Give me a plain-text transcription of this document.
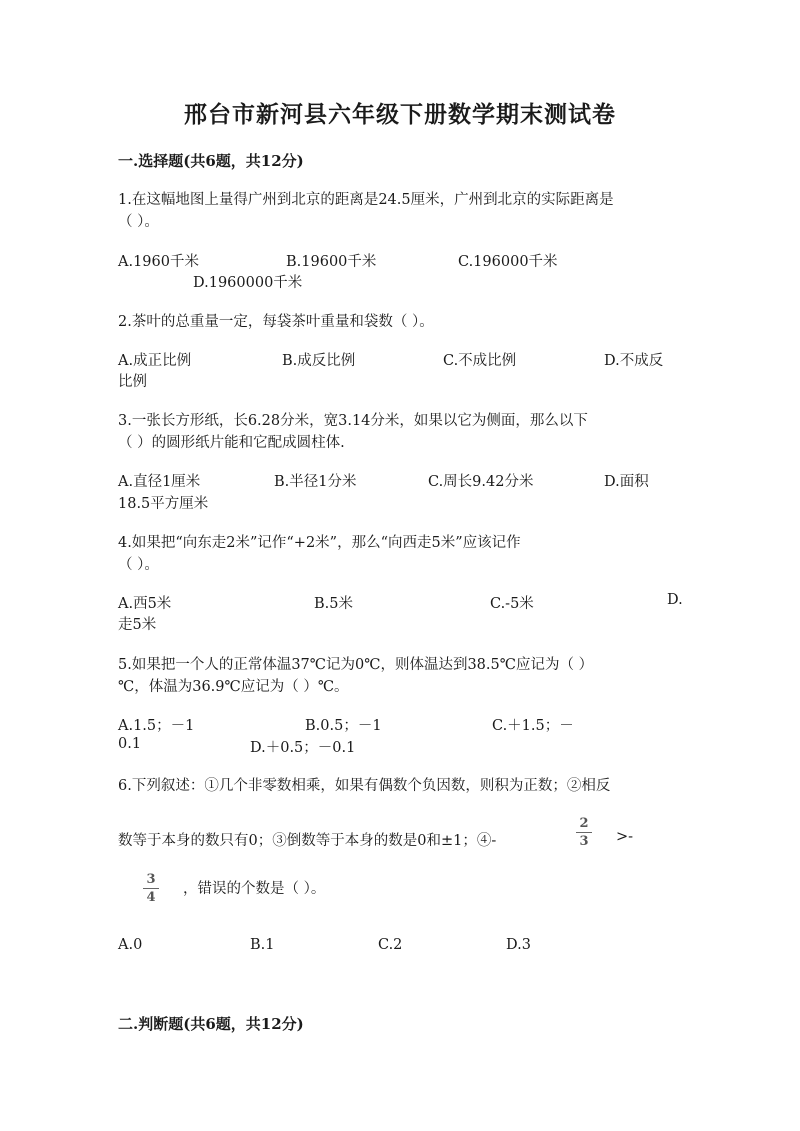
邢台市新河县六年级下册数学期末测试卷
一.选择题(共6题，共12分)
1.在这幅地图上量得广州到北京的距离是24.5厘米，广州到北京的实际距离是
（ ）。
A.1960千米	B.19600千米	C.196000千米
D.1960000千米
2.茶叶的总重量一定，每袋茶叶重量和袋数（ ）。
A.成正比例	B.成反比例	C.不成比例	D.不成反
比例
3.一张长方形纸，长6.28分米，宽3.14分米，如果以它为侧面，那么以下
（ ）的圆形纸片能和它配成圆柱体.
A.直径1厘米	B.半径1分米	C.周长9.42分米	D.面积
18.5平方厘米
4.如果把“向东走2米”记作“+2米”，那么“向西走5米”应该记作
（ ）。
A.西5米	B.5米	C.-5米	D.
走5米
5.如果把一个人的正常体温37℃记为0℃，则体温达到38.5℃应记为（ ）
℃，体温为36.9℃应记为（ ）℃。
A.1.5；－1	B.0.5；－1	C.＋1.5；－
0.1	D.＋0.5；－0.1
6.下列叙述：①几个非零数相乘，如果有偶数个负因数，则积为正数；②相反
数等于本身的数只有0；③倒数等于本身的数是0和±1；④-
2
3 >-
3
4
，错误的个数是（ ）。
A.0	B.1	C.2	D.3
二.判断题(共6题，共12分)
